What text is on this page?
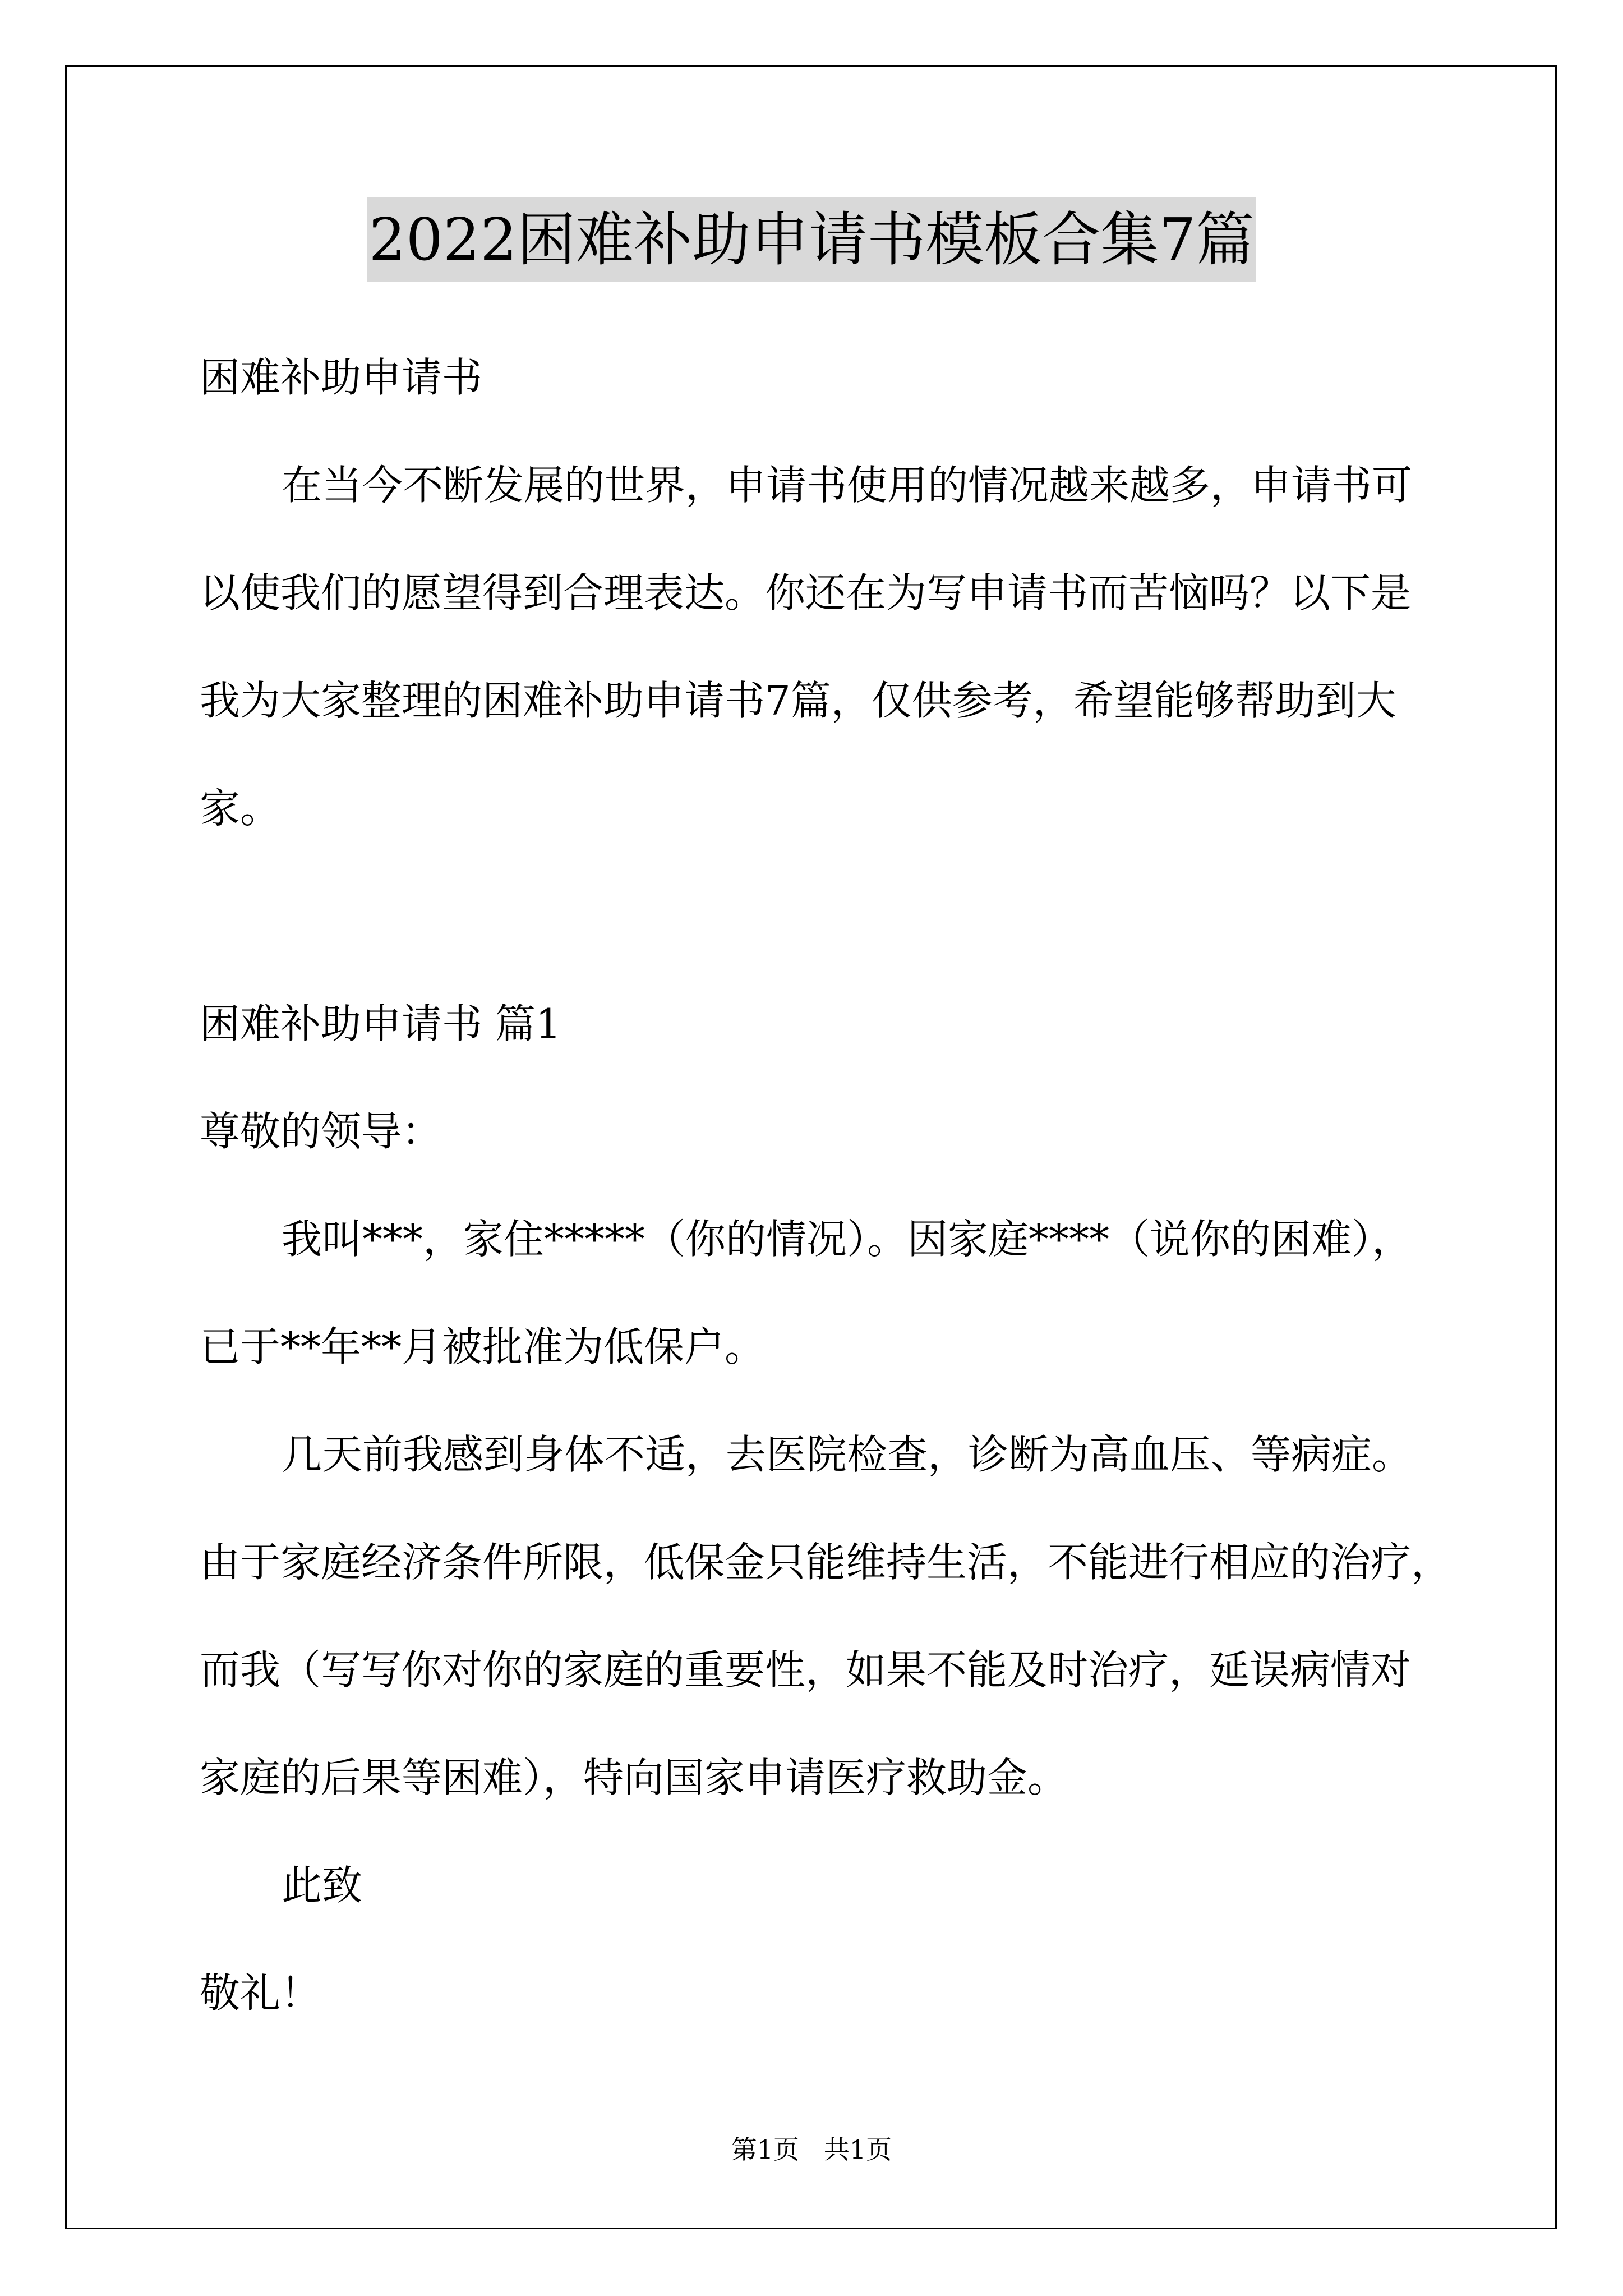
2022困难补助申请书模板合集7篇
困难补助申请书
在当今不断发展的世界，申请书使用的情况越来越多，申请书可
以使我们的愿望得到合理表达。你还在为写申请书而苦恼吗？以下是
我为大家整理的困难补助申请书7篇，仅供参考，希望能够帮助到大
家。
困难补助申请书 篇1
尊敬的领导：
我叫***，家住*****（你的情况）。因家庭****（说你的困难），
已于**年**月被批准为低保户。
几天前我感到身体不适，去医院检查，诊断为高血压、等病症。
由于家庭经济条件所限，低保金只能维持生活，不能进行相应的治疗，
而我（写写你对你的家庭的重要性，如果不能及时治疗，延误病情对
家庭的后果等困难），特向国家申请医疗救助金。
此致
敬礼！
第1页   共1页
